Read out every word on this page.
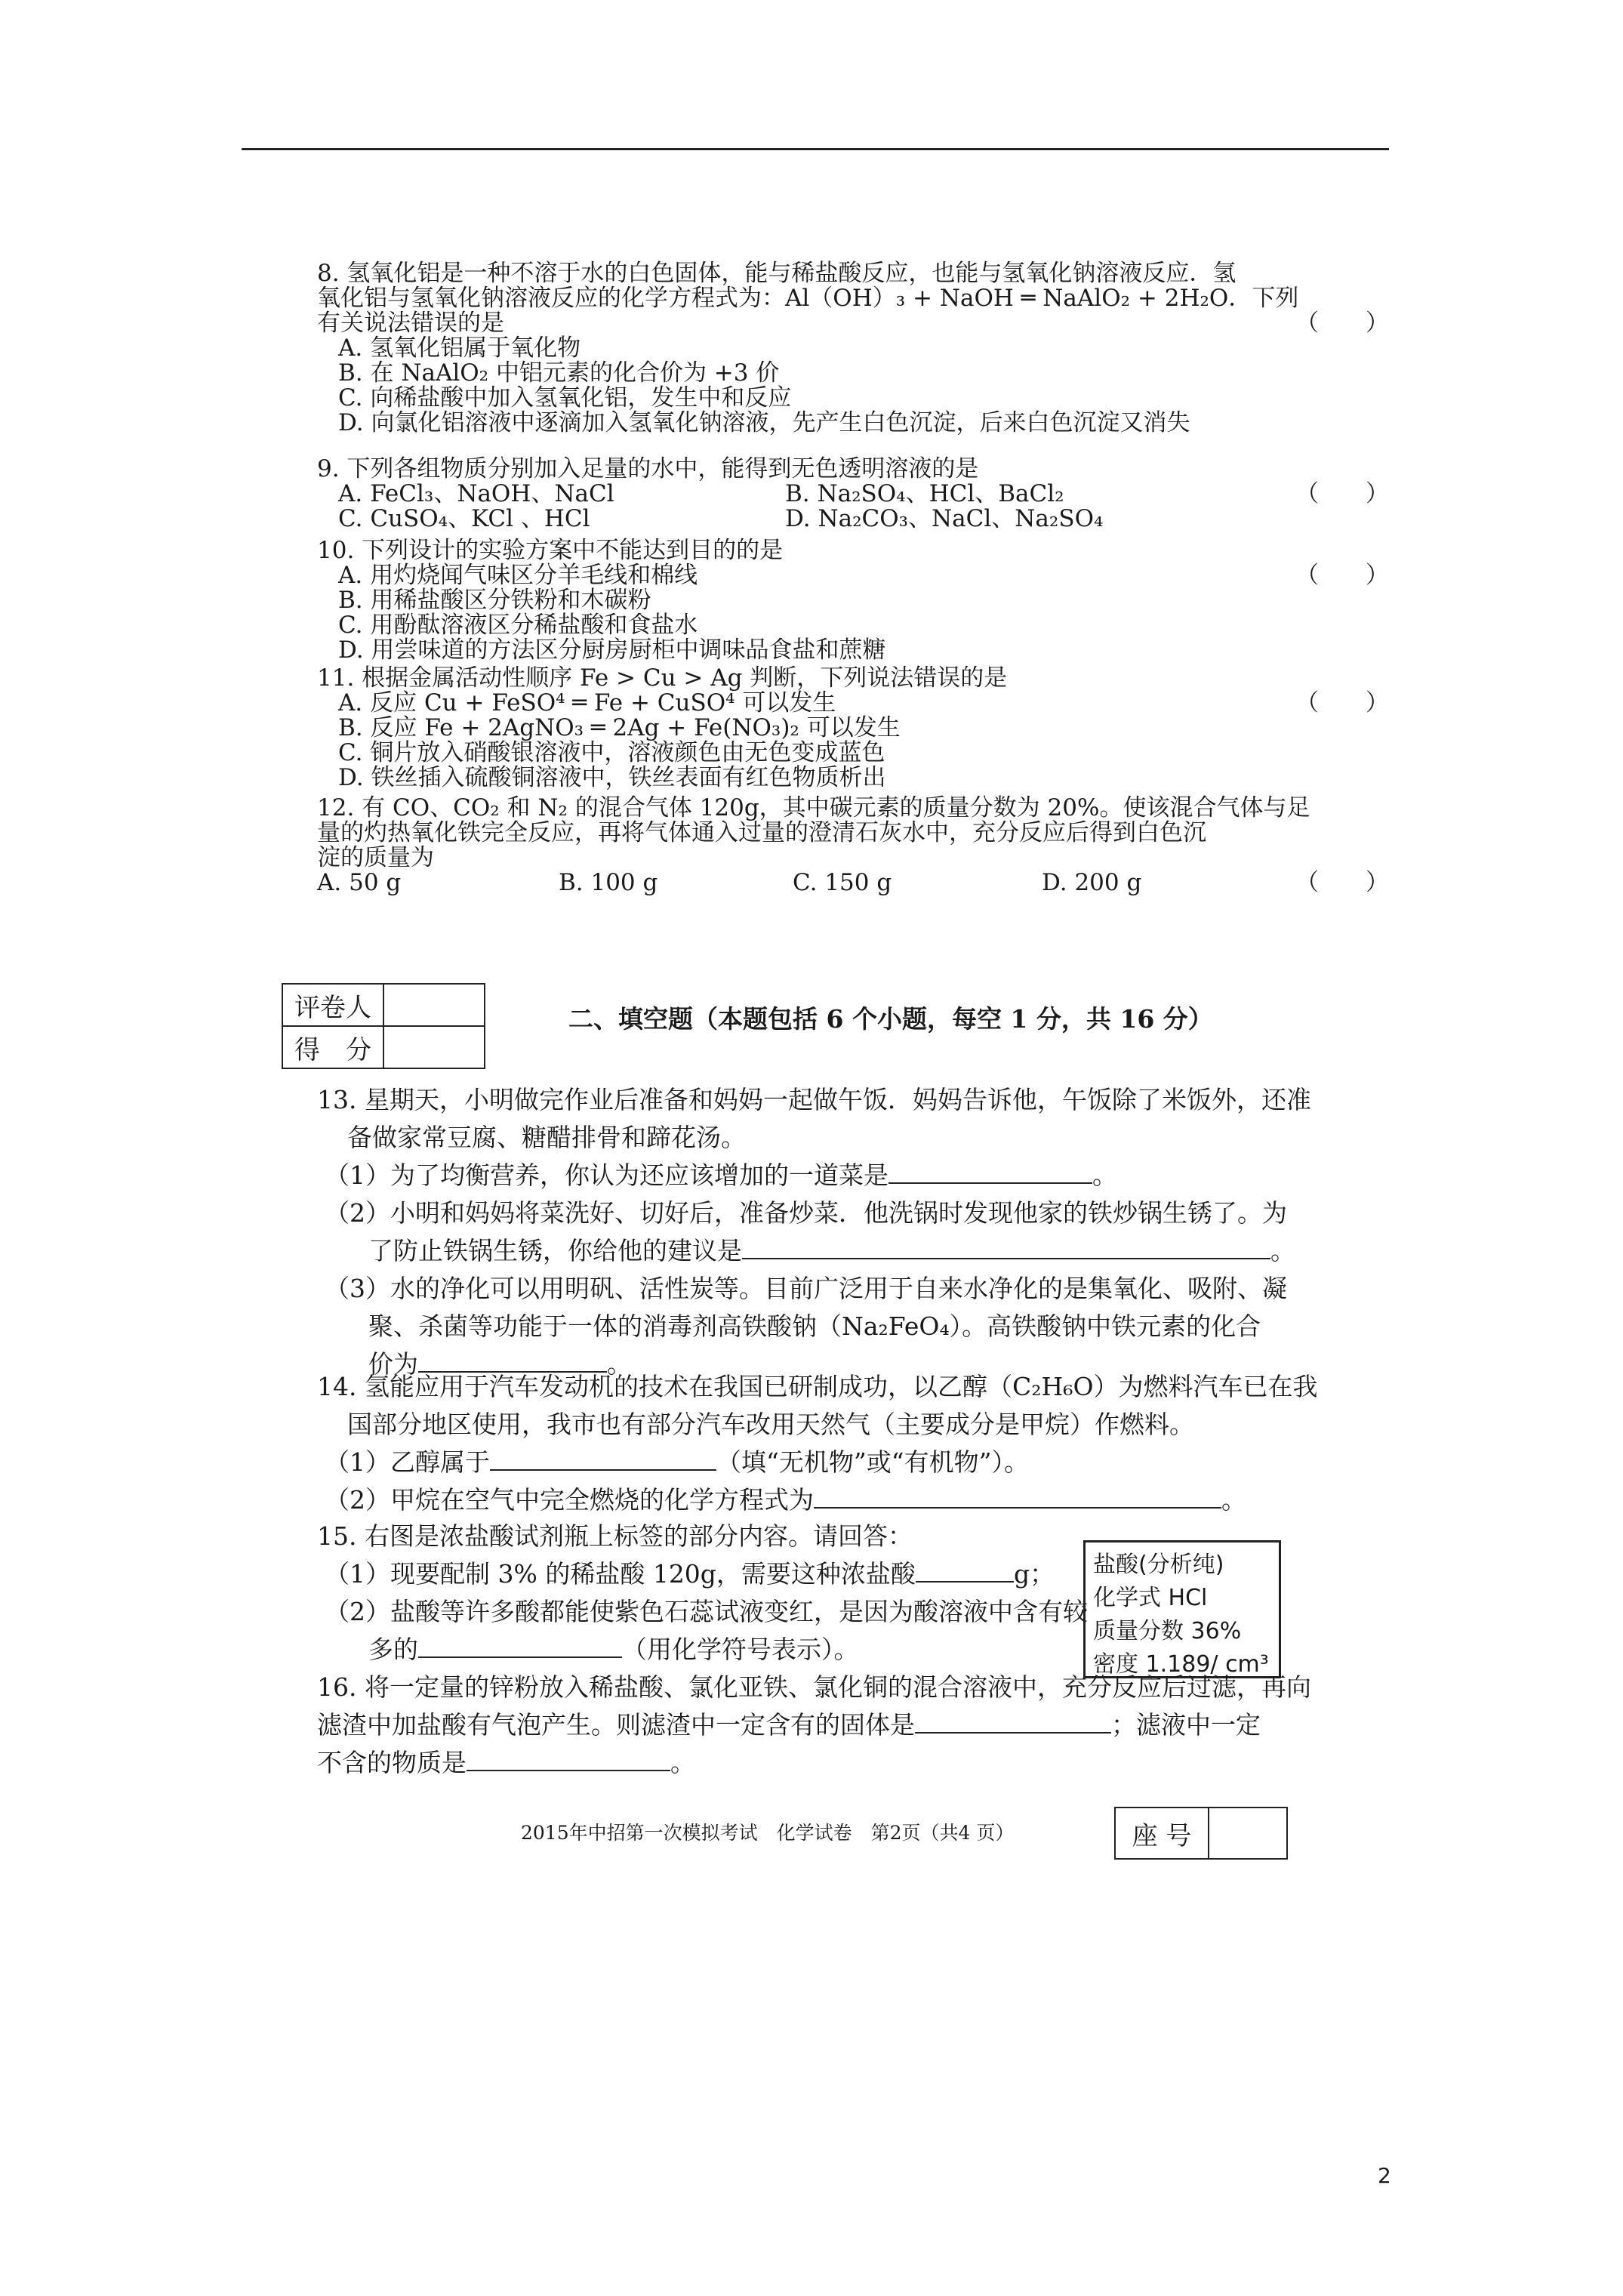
8. 氢氧化铝是一种不溶于水的白色固体，能与稀盐酸反应，也能与氢氧化钠溶液反应．氢
氧化铝与氢氧化钠溶液反应的化学方程式为：Al（OH）₃ + NaOH ═ NaAlO₂ + 2H₂O．下列
有关说法错误的是	（　　）
A. 氢氧化铝属于氧化物
B. 在 NaAlO₂ 中铝元素的化合价为 +3 价
C. 向稀盐酸中加入氢氧化铝，发生中和反应
D. 向氯化铝溶液中逐滴加入氢氧化钠溶液，先产生白色沉淀，后来白色沉淀又消失
9. 下列各组物质分别加入足量的水中，能得到无色透明溶液的是
A. FeCl₃、NaOH、NaCl	B. Na₂SO₄、HCl、BaCl₂	（　　）
C. CuSO₄、KCl 、HCl	D. Na₂CO₃、NaCl、Na₂SO₄
10. 下列设计的实验方案中不能达到目的的是
A. 用灼烧闻气味区分羊毛线和棉线	（　　）
B. 用稀盐酸区分铁粉和木碳粉
C. 用酚酞溶液区分稀盐酸和食盐水
D. 用尝味道的方法区分厨房厨柜中调味品食盐和蔗糖
11. 根据金属活动性顺序 Fe > Cu > Ag 判断，下列说法错误的是
A. 反应 Cu + FeSO⁴ ═ Fe + CuSO⁴ 可以发生	（　　）
B. 反应 Fe + 2AgNO₃ ═ 2Ag + Fe(NO₃)₂ 可以发生
C. 铜片放入硝酸银溶液中，溶液颜色由无色变成蓝色
D. 铁丝插入硫酸铜溶液中，铁丝表面有红色物质析出
12. 有 CO、CO₂ 和 N₂ 的混合气体 120g，其中碳元素的质量分数为 20%。使该混合气体与足
量的灼热氧化铁完全反应，再将气体通入过量的澄清石灰水中，充分反应后得到白色沉
淀的质量为
A. 50 g	B. 100 g	C. 150 g	D. 200 g	（　　）
评卷人	
得　分	
二、填空题（本题包括 6 个小题，每空 1 分，共 16 分）
13. 星期天，小明做完作业后准备和妈妈一起做午饭．妈妈告诉他，午饭除了米饭外，还准
备做家常豆腐、糖醋排骨和蹄花汤。
（1）为了均衡营养，你认为还应该增加的一道菜是	。
（2）小明和妈妈将菜洗好、切好后，准备炒菜．他洗锅时发现他家的铁炒锅生锈了。为
了防止铁锅生锈，你给他的建议是	。
（3）水的净化可以用明矾、活性炭等。目前广泛用于自来水净化的是集氧化、吸附、凝
聚、杀菌等功能于一体的消毒剂高铁酸钠（Na₂FeO₄）。高铁酸钠中铁元素的化合
价为	。
14. 氢能应用于汽车发动机的技术在我国已研制成功，以乙醇（C₂H₆O）为燃料汽车已在我
国部分地区使用，我市也有部分汽车改用天然气（主要成分是甲烷）作燃料。
（1）乙醇属于	（填“无机物”或“有机物”）。
（2）甲烷在空气中完全燃烧的化学方程式为	。
15. 右图是浓盐酸试剂瓶上标签的部分内容。请回答：
（1）现要配制 3% 的稀盐酸 120g，需要这种浓盐酸	g；
（2）盐酸等许多酸都能使紫色石蕊试液变红，是因为酸溶液中含有较
多的	（用化学符号表示）。
盐酸(分析纯)
化学式 HCl
质量分数 36%
密度 1.189/ cm³
16. 将一定量的锌粉放入稀盐酸、氯化亚铁、氯化铜的混合溶液中，充分反应后过滤，再向
滤渣中加盐酸有气泡产生。则滤渣中一定含有的固体是	；滤液中一定
不含的物质是	。
2015年中招第一次模拟考试　化学试卷　第2页（共4 页）	座 号	
2
